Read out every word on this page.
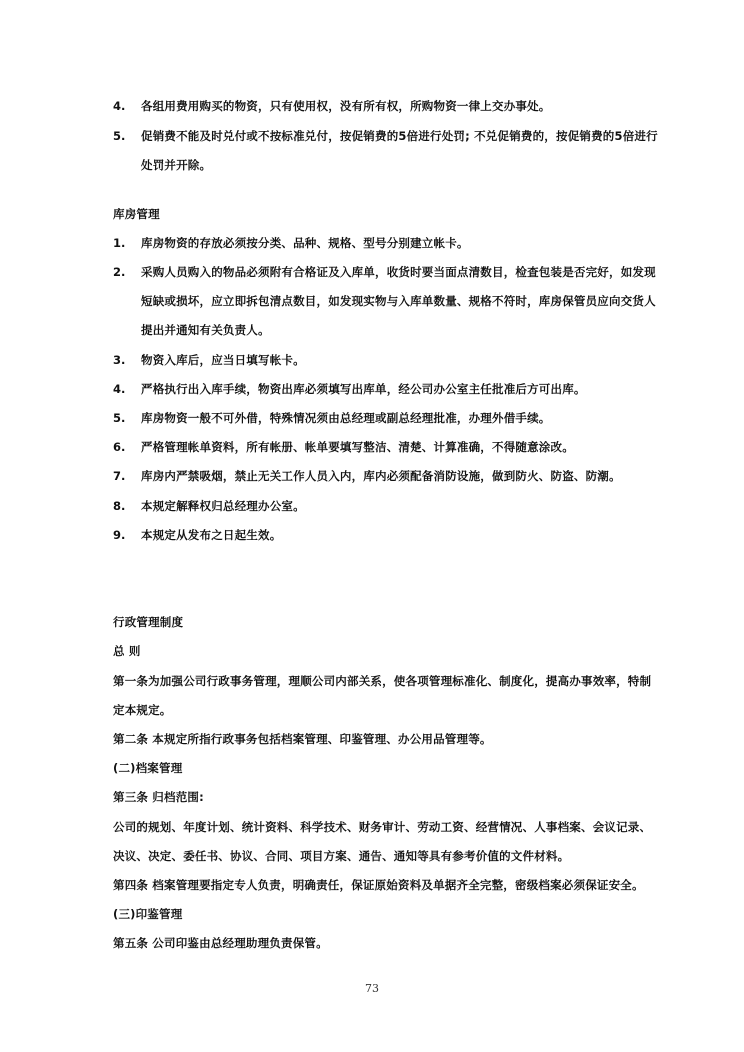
4.	各组用费用购买的物资，只有使用权，没有所有权，所购物资一律上交办事处。
5.	促销费不能及时兑付或不按标准兑付，按促销费的5倍进行处罚; 不兑促销费的，按促销费的5倍进行
处罚并开除。
库房管理
1.	库房物资的存放必须按分类、品种、规格、型号分别建立帐卡。
2.	采购人员购入的物品必须附有合格证及入库单，收货时要当面点清数目，检查包装是否完好，如发现
短缺或损坏，应立即拆包清点数目，如发现实物与入库单数量、规格不符时，库房保管员应向交货人
提出并通知有关负责人。
3.	物资入库后，应当日填写帐卡。
4.	严格执行出入库手续，物资出库必须填写出库单，经公司办公室主任批准后方可出库。
5.	库房物资一般不可外借，特殊情况须由总经理或副总经理批准，办理外借手续。
6.	严格管理帐单资料，所有帐册、帐单要填写整洁、清楚、计算准确，不得随意涂改。
7.	库房内严禁吸烟，禁止无关工作人员入内，库内必须配备消防设施，做到防火、防盗、防潮。
8.	本规定解释权归总经理办公室。
9.	本规定从发布之日起生效。
行政管理制度
总 则
第一条为加强公司行政事务管理，理顺公司内部关系，使各项管理标准化、制度化，提高办事效率，特制
定本规定。
第二条 本规定所指行政事务包括档案管理、印鉴管理、办公用品管理等。
(二)档案管理
第三条 归档范围:
公司的规划、年度计划、统计资料、科学技术、财务审计、劳动工资、经营情况、人事档案、会议记录、
决议、决定、委任书、协议、合同、项目方案、通告、通知等具有参考价值的文件材料。
第四条 档案管理要指定专人负责，明确责任，保证原始资料及单据齐全完整，密级档案必须保证安全。
(三)印鉴管理
第五条 公司印鉴由总经理助理负责保管。
73
